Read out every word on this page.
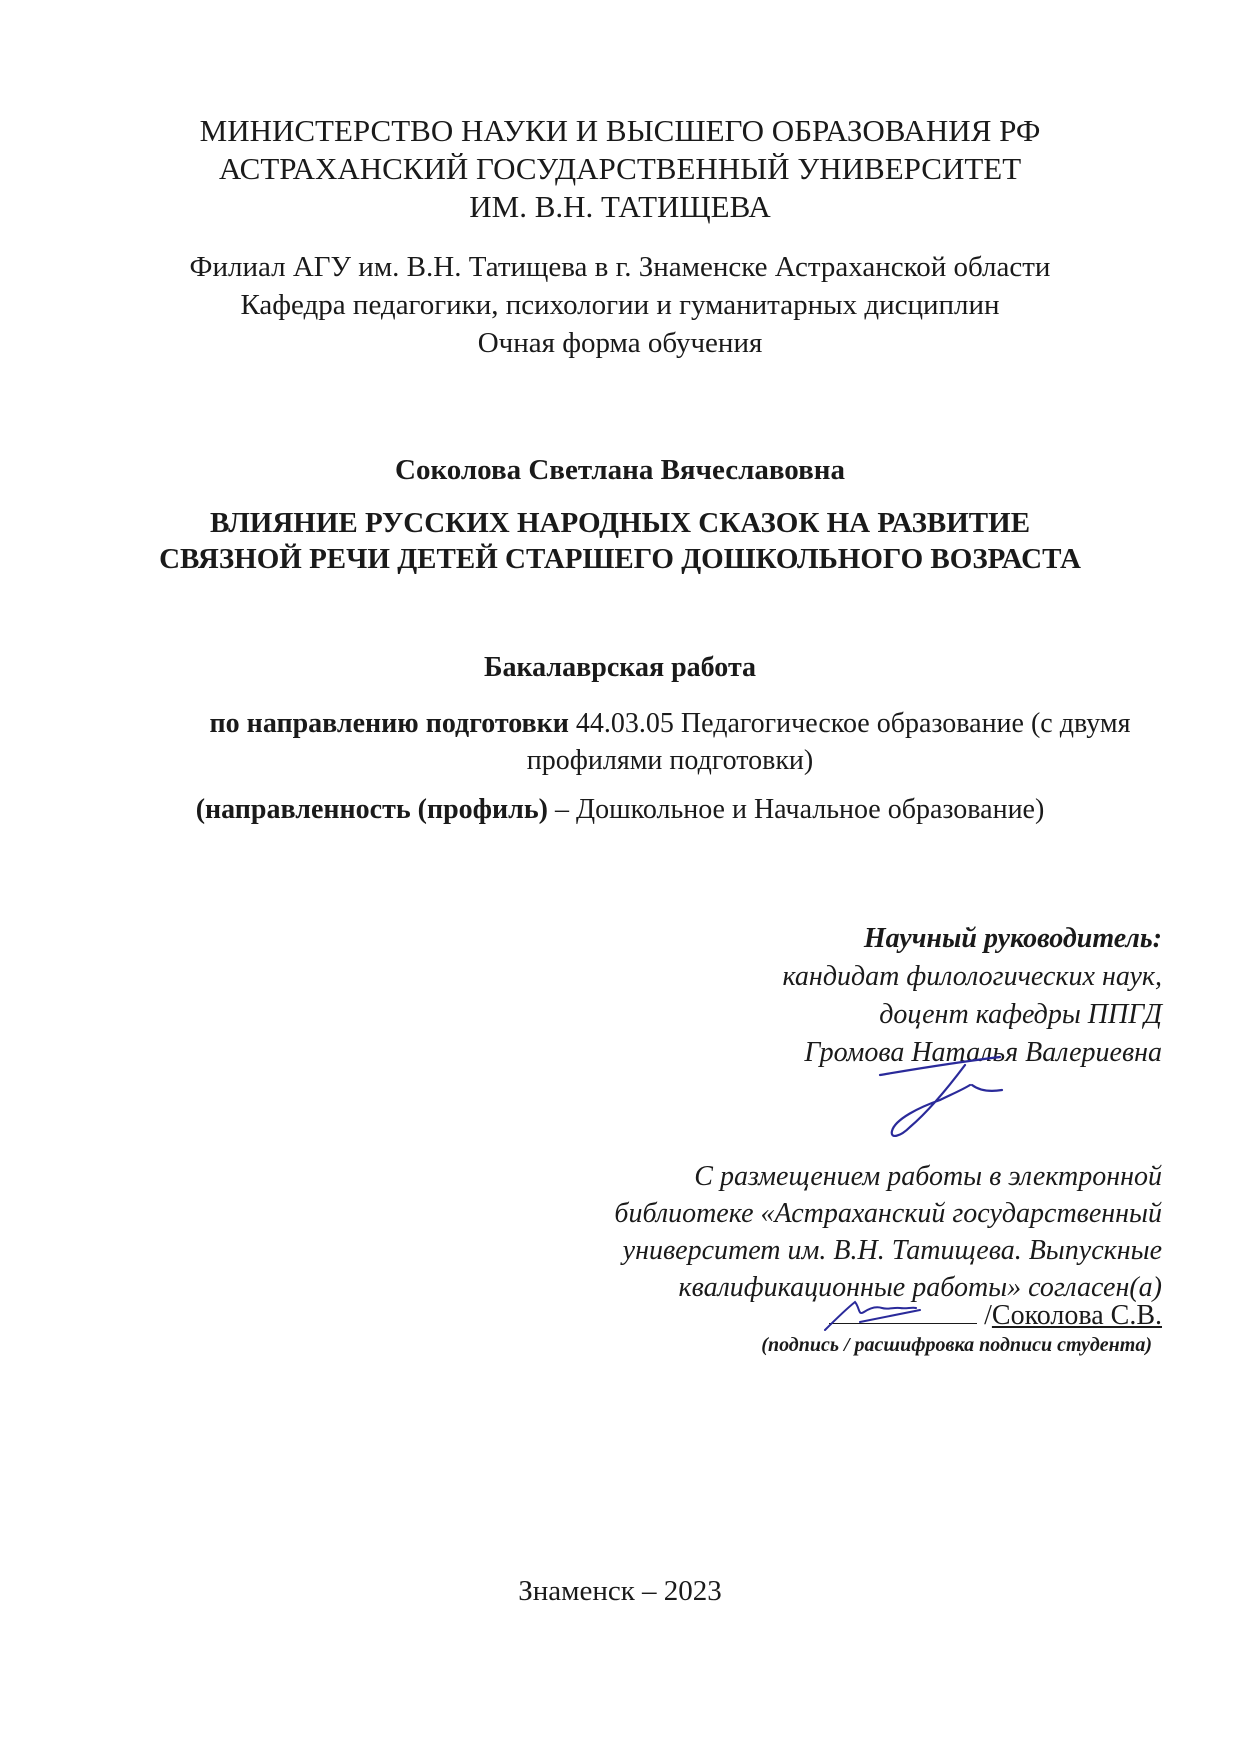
МИНИСТЕРСТВО НАУКИ И ВЫСШЕГО ОБРАЗОВАНИЯ РФ
АСТРАХАНСКИЙ ГОСУДАРСТВЕННЫЙ УНИВЕРСИТЕТ
ИМ. В.Н. ТАТИЩЕВА
Филиал АГУ им. В.Н. Татищева в г. Знаменске Астраханской области
Кафедра педагогики, психологии и гуманитарных дисциплин
Очная форма обучения
Соколова Светлана Вячеславовна
ВЛИЯНИЕ РУССКИХ НАРОДНЫХ СКАЗОК НА РАЗВИТИЕ
СВЯЗНОЙ РЕЧИ ДЕТЕЙ СТАРШЕГО ДОШКОЛЬНОГО ВОЗРАСТА
Бакалаврская работа
по направлению подготовки 44.03.05 Педагогическое образование (с двумя профилями подготовки)
(направленность (профиль) – Дошкольное и Начальное образование)
Научный руководитель:
кандидат филологических наук,
доцент кафедры ППГД
Громова Наталья Валериевна
С размещением работы в электронной
библиотеке «Астраханский государственный
университет им. В.Н. Татищева. Выпускные
квалификационные работы» согласен(а)
/Соколова С.В.
(подпись / расшифровка подписи студента)
Знаменск – 2023
